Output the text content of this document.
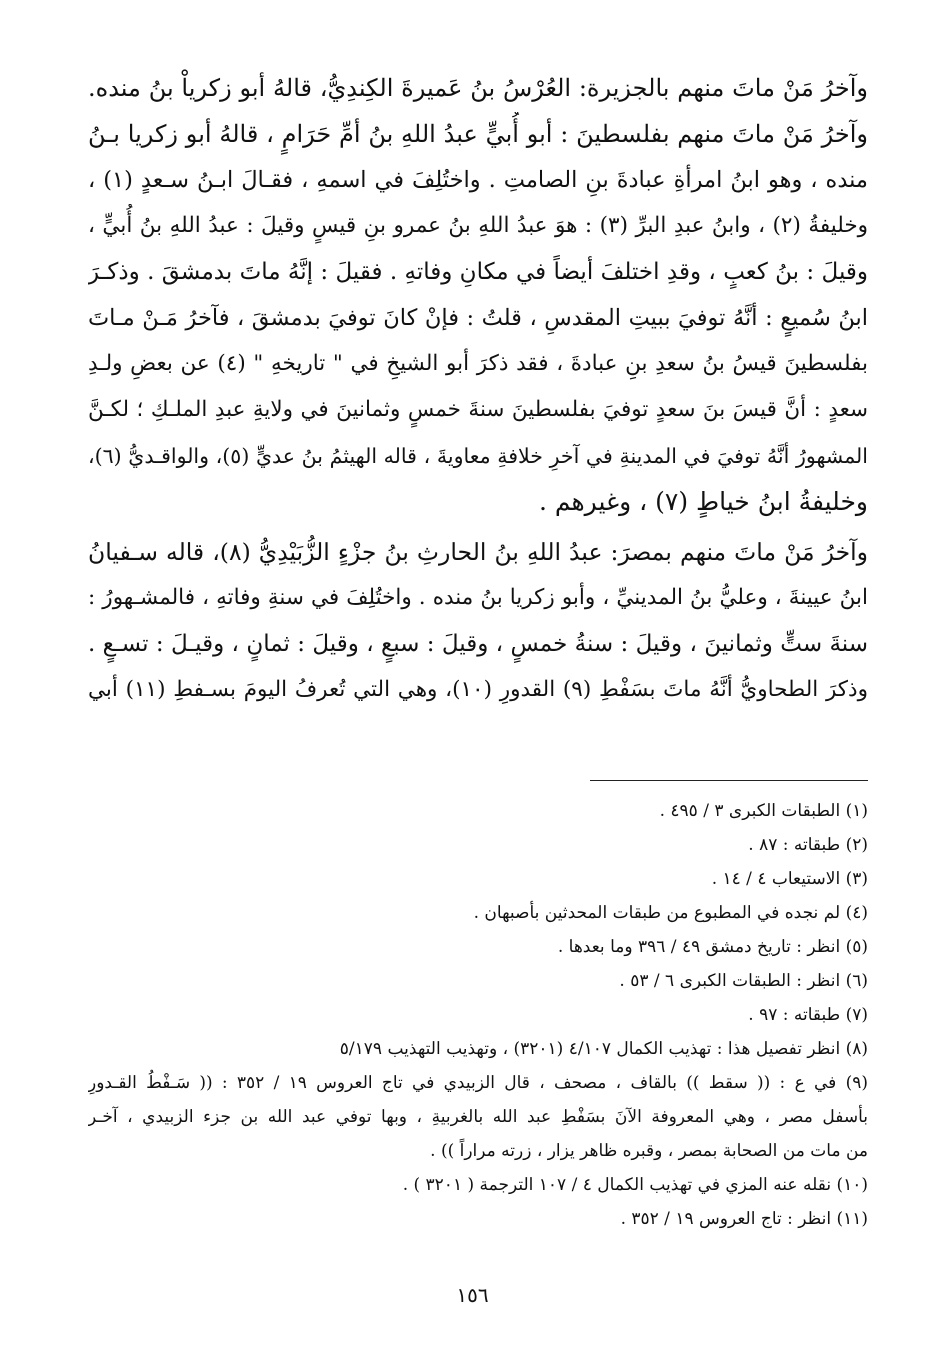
وآخرُ مَنْ ماتَ منهم بالجزيرة: العُرْسُ بنُ عَميرةَ الكِندِيُّ، قالهُ أبو زكرياْ بنُ منده.
وآخرُ مَنْ ماتَ منهم بفلسطينَ : أبو أُبيٍّ عبدُ اللهِ بنُ أمِّ حَرَامٍ ، قالهُ أبو زكريا بـنُ
منده ، وهو ابنُ امرأةِ عبادةَ بنِ الصامتِ . واختُلِفَ في اسمهِ ، فقـالَ ابـنُ سـعدٍ (١) ،
وخليفةُ (٢) ، وابنُ عبدِ البرِّ (٣) : هوَ عبدُ اللهِ بنُ عمرو بنِ قيسٍ وقيلَ : عبدُ اللهِ بنُ أُبيٍّ ،
وقيلَ : بنُ كعبٍ ، وقدِ اختلفَ أيضاً في مكانِ وفاتهِ . فقيلَ : إنَّهُ ماتَ بدمشقَ . وذكـرَ
ابنُ سُميعٍ : أنَّهُ توفيَ ببيتِ المقدسِ ، قلتُ : فإنْ كانَ توفيَ بدمشقَ ، فآخرُ مَـنْ مـاتَ
بفلسطينَ قيسُ بنُ سعدِ بنِ عبادةَ ، فقد ذكرَ أبو الشيخِ في " تاريخهِ " (٤) عن بعضِ ولـدِ
سعدٍ : أنَّ قيسَ بنَ سعدٍ توفيَ بفلسطينَ سنةَ خمسٍ وثمانينَ في ولايةِ عبدِ الملـكِ ؛ لكـنَّ
المشهورُ أنَّهُ توفيَ في المدينةِ في آخرِ خلافةِ معاويةَ ، قاله الهيثمُ بنُ عديٍّ (٥)، والواقـديُّ (٦)،
وخليفةُ ابنُ خياطٍ (٧) ، وغيرهم .
وآخرُ مَنْ ماتَ منهم بمصرَ: عبدُ اللهِ بنُ الحارثِ بنُ جزْءٍ الزُّبَيْدِيُّ (٨)، قاله سـفيانُ
ابنُ عيينةَ ، وعليُّ بنُ المدينيِّ ، وأبو زكريا بنُ منده . واختُلِفَ في سنةِ وفاتهِ ، فالمشـهورُ :
سنةَ ستٍّ وثمانينَ ، وقيلَ : سنةُ خمسٍ ، وقيلَ : سبعٍ ، وقيلَ : ثمانٍ ، وقيـلَ : تسـعٍ .
وذكرَ الطحاويُّ أنَّهُ ماتَ بسَفْطِ (٩) القدورِ (١٠)، وهي التي تُعرفُ اليومَ بسـفطِ (١١) أبي
(١) الطبقات الكبرى ٣ / ٤٩٥ .
(٢) طبقاته : ٨٧ .
(٣) الاستيعاب ٤ / ١٤ .
(٤) لم نجده في المطبوع من طبقات المحدثين بأصبهان .
(٥) انظر : تاريخ دمشق ٤٩ / ٣٩٦ وما بعدها .
(٦) انظر : الطبقات الكبرى ٦ / ٥٣ .
(٧) طبقاته : ٩٧ .
(٨) انظر تفصيل هذا : تهذيب الكمال ٤/١٠٧ (٣٢٠١) ، وتهذيب التهذيب ٥/١٧٩
(٩) في ع : (( سقط )) بالقاف ، مصحف ، قال الزبيدي في تاج العروس ١٩ / ٣٥٢ : (( سَـفْطُ القـدورِ
بأسفل مصر ، وهي المعروفة الآنَ بسَفْطِ عبد الله بالغربيةِ ، وبها توفي عبد الله بن جزء الزبيدي ، آخـر
من مات من الصحابة بمصر ، وقبره ظاهر يزار ، زرته مراراً )) .
(١٠) نقله عنه المزي في تهذيب الكمال ٤ / ١٠٧ الترجمة ( ٣٢٠١ ) .
(١١) انظر : تاج العروس ١٩ / ٣٥٢ .
١٥٦
